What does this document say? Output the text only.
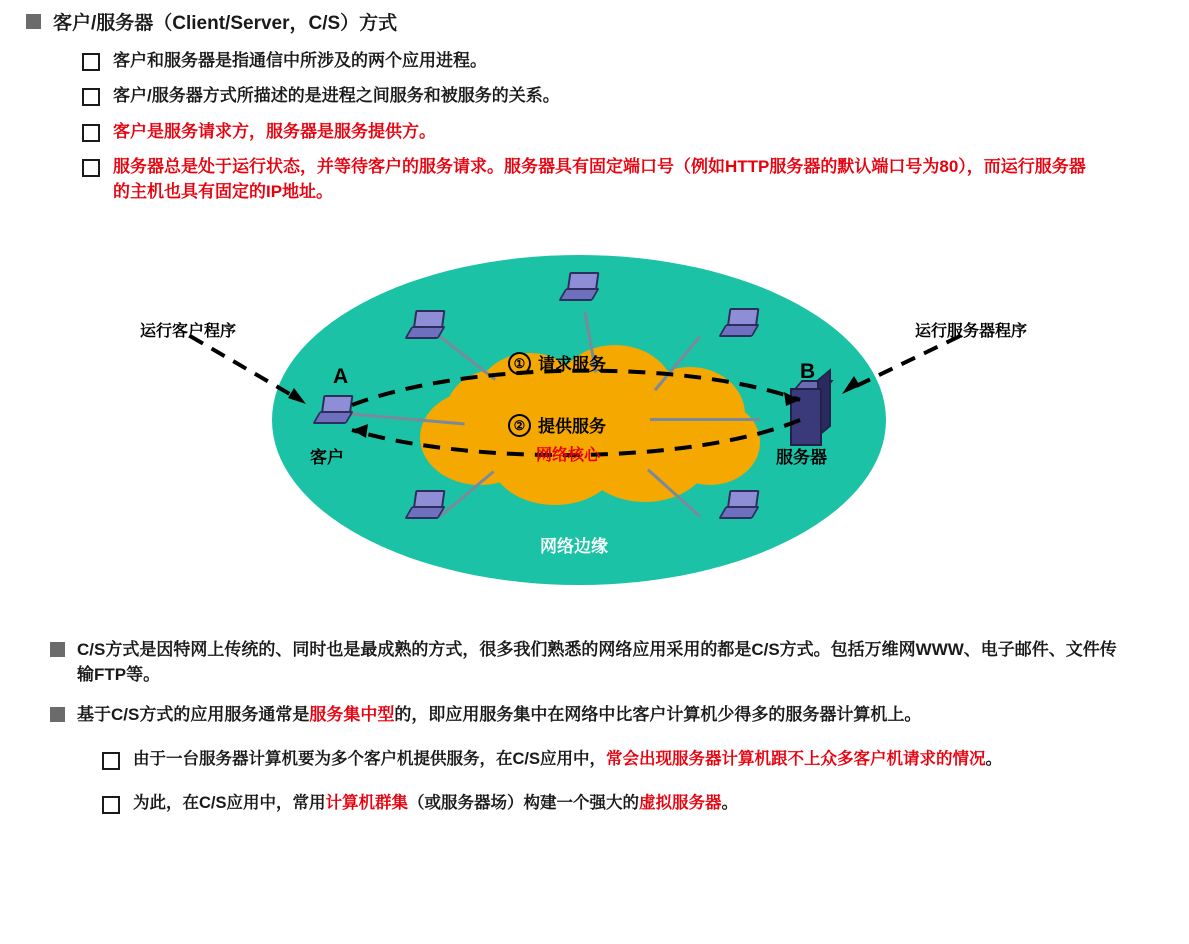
客户/服务器（Client/Server，C/S）方式
客户和服务器是指通信中所涉及的两个应用进程。
客户/服务器方式所描述的是进程之间服务和被服务的关系。
客户是服务请求方，服务器是服务提供方。
服务器总是处于运行状态，并等待客户的服务请求。服务器具有固定端口号（例如HTTP服务器的默认端口号为80），而运行服务器的主机也具有固定的IP地址。
网络核心
网络边缘
A
客户
B
服务器
① 请求服务
② 提供服务
运行客户程序	运行服务器程序
C/S方式是因特网上传统的、同时也是最成熟的方式，很多我们熟悉的网络应用采用的都是C/S方式。包括万维网WWW、电子邮件、文件传输FTP等。
基于C/S方式的应用服务通常是服务集中型的，即应用服务集中在网络中比客户计算机少得多的服务器计算机上。
由于一台服务器计算机要为多个客户机提供服务，在C/S应用中，常会出现服务器计算机跟不上众多客户机请求的情况。
为此，在C/S应用中，常用计算机群集（或服务器场）构建一个强大的虚拟服务器。
